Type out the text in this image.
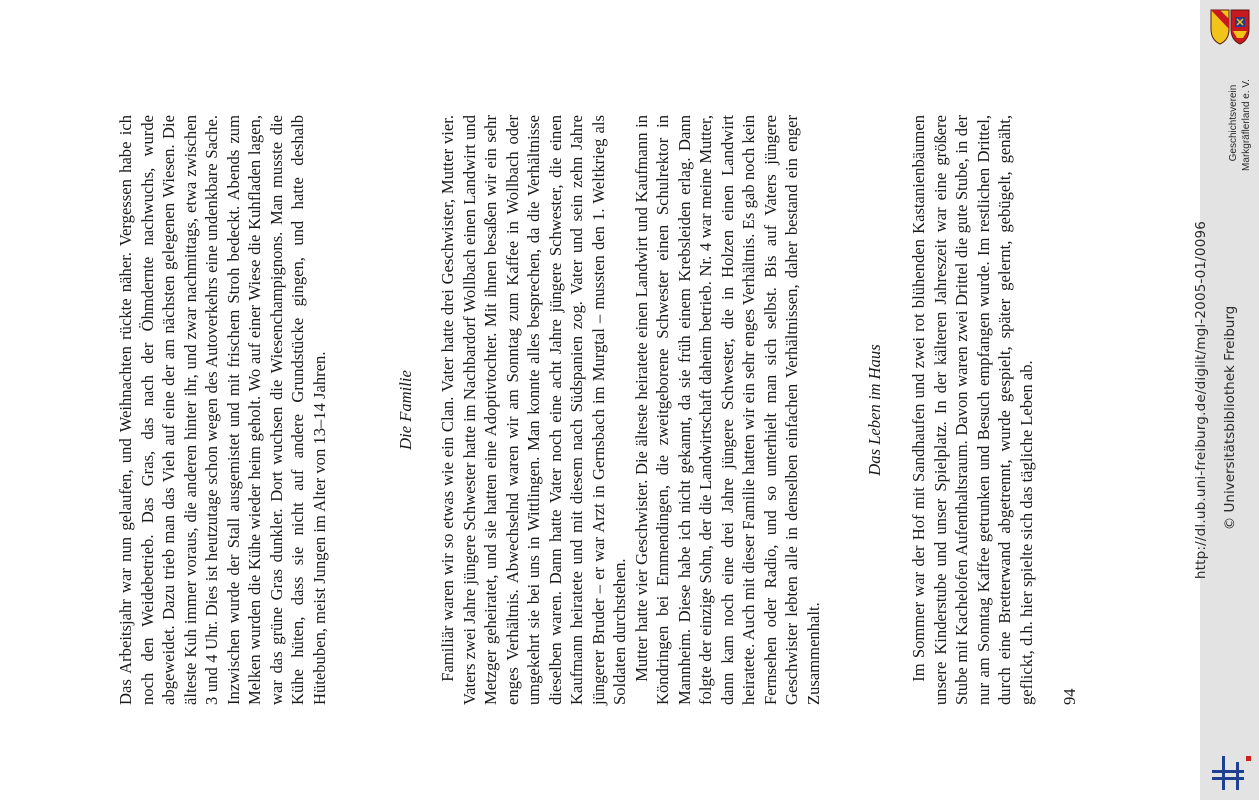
Das Arbeitsjahr war nun gelaufen, und Weihnachten rückte näher. Vergessen habe ich noch den Weidebetrieb. Das Gras, das nach der Öhmdernte nachwuchs, wurde abgeweidet. Dazu trieb man das Vieh auf eine der am nächsten gelegenen Wiesen. Die älteste Kuh immer voraus, die anderen hinter ihr, und zwar nachmittags, etwa zwischen 3 und 4 Uhr. Dies ist heutzutage schon wegen des Autoverkehrs eine undenkbare Sache. Inzwischen wurde der Stall ausgemistet und mit frischem Stroh bedeckt. Abends zum Melken wurden die Kühe wieder heim geholt. Wo auf einer Wiese die Kuhfladen lagen, war das grüne Gras dunkler. Dort wuchsen die Wiesenchampignons. Man musste die Kühe hüten, dass sie nicht auf andere Grundstücke gingen, und hatte deshalb Hütebuben, meist Jungen im Alter von 13–14 Jahren.	Die Familie Familiär waren wir so etwas wie ein Clan. Vater hatte drei Geschwister, Mutter vier. Vaters zwei Jahre jüngere Schwester hatte im Nachbardorf Wollbach einen Landwirt und Metzger geheiratet, und sie hatten eine Adoptivtochter. Mit ihnen besaßen wir ein sehr enges Verhältnis. Abwechselnd waren wir am Sonntag zum Kaffee in Wollbach oder umgekehrt sie bei uns in Wittlingen. Man konnte alles besprechen, da die Verhältnisse dieselben waren. Dann hatte Vater noch eine acht Jahre jüngere Schwester, die einen Kaufmann heiratete und mit diesem nach Südspanien zog. Vater und sein zehn Jahre jüngerer Bruder – er war Arzt in Gernsbach im Murgtal – mussten den 1. Weltkrieg als Soldaten durchstehen. Mutter hatte vier Geschwister. Die älteste heiratete einen Landwirt und Kaufmann in Köndringen bei Emmendingen, die zweitgeborene Schwester einen Schulrektor in Mannheim. Diese habe ich nicht gekannt, da sie früh einem Krebsleiden erlag. Dann folgte der einzige Sohn, der die Landwirtschaft daheim betrieb. Nr. 4 war meine Mutter, dann kam noch eine drei Jahre jüngere Schwester, die in Holzen einen Landwirt heiratete. Auch mit dieser Familie hatten wir ein sehr enges Verhältnis. Es gab noch kein Fernsehen oder Radio, und so unterhielt man sich selbst. Bis auf Vaters jüngere Geschwister lebten alle in denselben einfachen Verhältnissen, daher bestand ein enger Zusammenhalt.

Das Leben im Haus Im Sommer war der Hof mit Sandhaufen und zwei rot blühenden Kastanienbäumen unsere Kinderstube und unser Spielplatz. In der kälteren Jahreszeit war eine größere Stube mit Kachelofen Aufenthaltsraum. Davon waren zwei Drittel die gute Stube, in der nur am Sonntag Kaffee getrunken und Besuch empfangen wurde. Im restlichen Drittel, durch eine Bretterwand abgetrennt, wurde gespielt, später gelernt, gebügelt, genäht, geflickt, d.h. hier spielte sich das tägliche Leben ab. 94

Geschichtsverein Markgräflerland e. V.
http://dl.ub.uni-freiburg.de/diglit/mgl-2005-01/0096 © Universitätsbibliothek Freiburg
